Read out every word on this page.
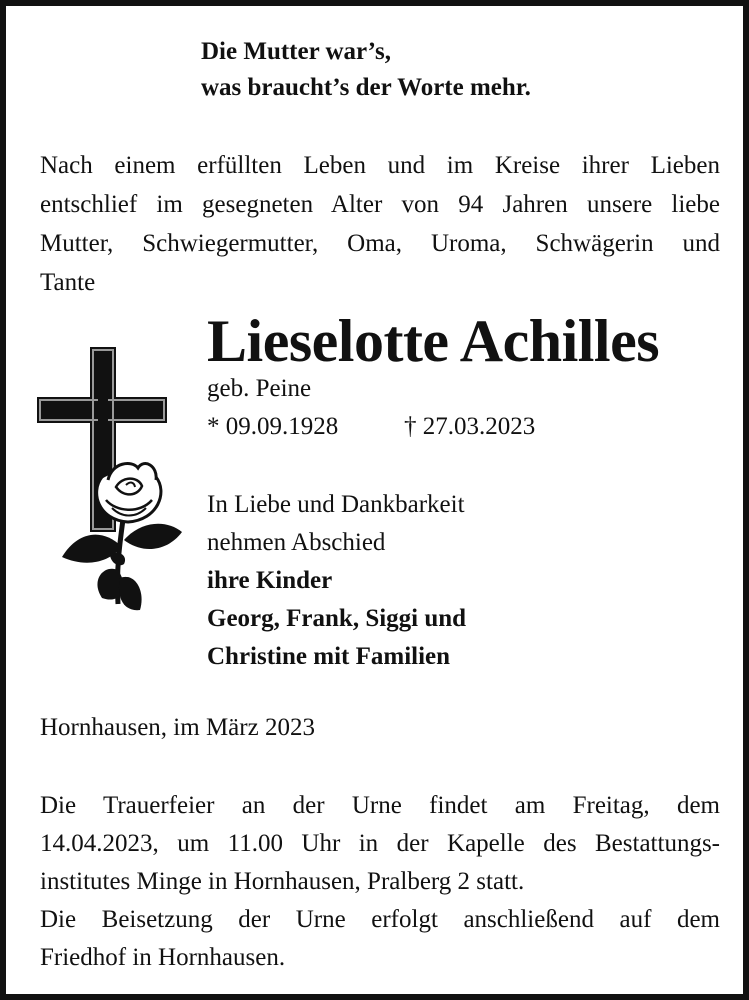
Die Mutter war’s,
was braucht’s der Worte mehr.
Nach einem erfüllten Leben und im Kreise ihrer Lieben
entschlief im gesegneten Alter von 94 Jahren unsere liebe
Mutter, Schwiegermutter, Oma, Uroma, Schwägerin und
Tante
Lieselotte Achilles
geb. Peine
* 09.09.1928	† 27.03.2023
In Liebe und Dankbarkeit
nehmen Abschied
ihre Kinder
Georg, Frank, Siggi und
Christine mit Familien
Hornhausen, im März 2023
Die Trauerfeier an der Urne findet am Freitag, dem
14.04.2023, um 11.00 Uhr in der Kapelle des Bestattungs-
institutes Minge in Hornhausen, Pralberg 2 statt.
Die Beisetzung der Urne erfolgt anschließend auf dem
Friedhof in Hornhausen.
